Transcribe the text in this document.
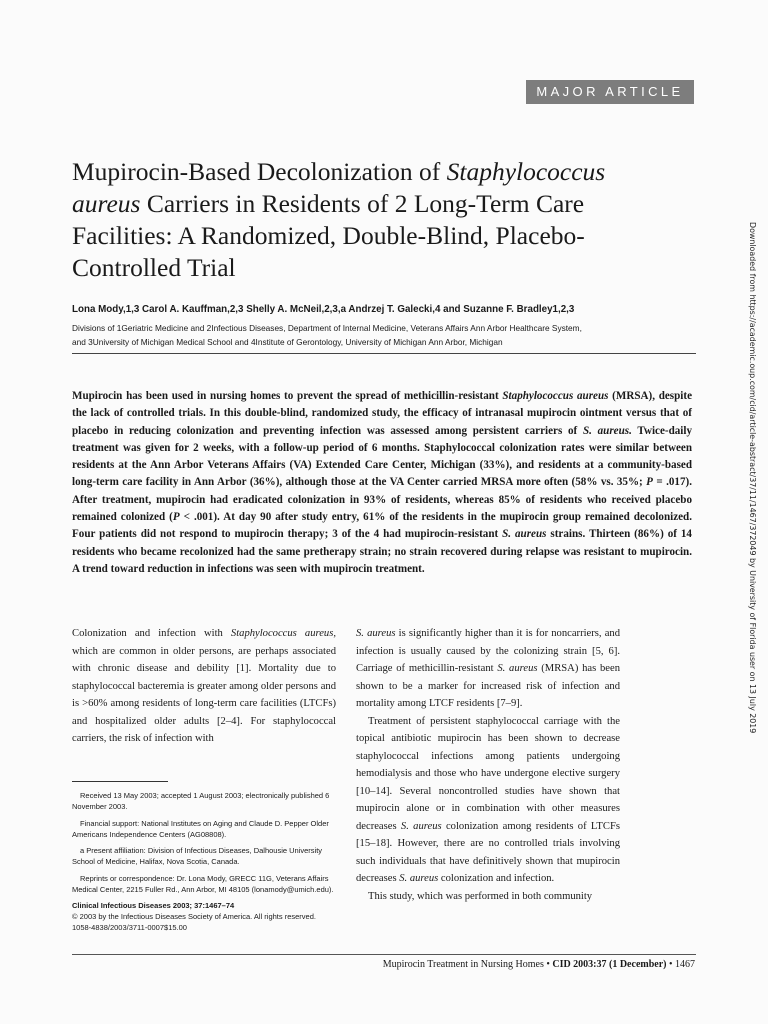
MAJOR ARTICLE
Mupirocin-Based Decolonization of Staphylococcus aureus Carriers in Residents of 2 Long-Term Care Facilities: A Randomized, Double-Blind, Placebo-Controlled Trial
Lona Mody,1,3 Carol A. Kauffman,2,3 Shelly A. McNeil,2,3,a Andrzej T. Galecki,4 and Suzanne F. Bradley1,2,3
Divisions of 1Geriatric Medicine and 2Infectious Diseases, Department of Internal Medicine, Veterans Affairs Ann Arbor Healthcare System,
and 3University of Michigan Medical School and 4Institute of Gerontology, University of Michigan Ann Arbor, Michigan
Mupirocin has been used in nursing homes to prevent the spread of methicillin-resistant Staphylococcus aureus (MRSA), despite the lack of controlled trials. In this double-blind, randomized study, the efficacy of intranasal mupirocin ointment versus that of placebo in reducing colonization and preventing infection was assessed among persistent carriers of S. aureus. Twice-daily treatment was given for 2 weeks, with a follow-up period of 6 months. Staphylococcal colonization rates were similar between residents at the Ann Arbor Veterans Affairs (VA) Extended Care Center, Michigan (33%), and residents at a community-based long-term care facility in Ann Arbor (36%), although those at the VA Center carried MRSA more often (58% vs. 35%; P = .017). After treatment, mupirocin had eradicated colonization in 93% of residents, whereas 85% of residents who received placebo remained colonized (P < .001). At day 90 after study entry, 61% of the residents in the mupirocin group remained decolonized. Four patients did not respond to mupirocin therapy; 3 of the 4 had mupirocin-resistant S. aureus strains. Thirteen (86%) of 14 residents who became recolonized had the same pretherapy strain; no strain recovered during relapse was resistant to mupirocin. A trend toward reduction in infections was seen with mupirocin treatment.

Colonization and infection with Staphylococcus aureus, which are common in older persons, are perhaps associated with chronic disease and debility [1]. Mortality due to staphylococcal bacteremia is greater among older persons and is >60% among residents of long-term care facilities (LTCFs) and hospitalized older adults [2–4]. For staphylococcal carriers, the risk of infection with

Received 13 May 2003; accepted 1 August 2003; electronically published 6 November 2003.

Financial support: National Institutes on Aging and Claude D. Pepper Older Americans Independence Centers (AG08808).

a Present affiliation: Division of Infectious Diseases, Dalhousie University School of Medicine, Halifax, Nova Scotia, Canada.

Reprints or correspondence: Dr. Lona Mody, GRECC 11G, Veterans Affairs Medical Center, 2215 Fuller Rd., Ann Arbor, MI 48105 (lonamody@umich.edu).

Clinical Infectious Diseases 2003; 37:1467–74

© 2003 by the Infectious Diseases Society of America. All rights reserved.

1058-4838/2003/3711-0007$15.00

S. aureus is significantly higher than it is for noncarriers, and infection is usually caused by the colonizing strain [5, 6]. Carriage of methicillin-resistant S. aureus (MRSA) has been shown to be a marker for increased risk of infection and mortality among LTCF residents [7–9].

Treatment of persistent staphylococcal carriage with the topical antibiotic mupirocin has been shown to decrease staphylococcal infections among patients undergoing hemodialysis and those who have undergone elective surgery [10–14]. Several noncontrolled studies have shown that mupirocin alone or in combination with other measures decreases S. aureus colonization among residents of LTCFs [15–18]. However, there are no controlled trials involving such individuals that have definitively shown that mupirocin decreases S. aureus colonization and infection.

This study, which was performed in both community

Mupirocin Treatment in Nursing Homes • CID 2003:37 (1 December) • 1467
Downloaded from https://academic.oup.com/cid/article-abstract/37/11/1467/372049 by University of Florida user on 13 July 2019
